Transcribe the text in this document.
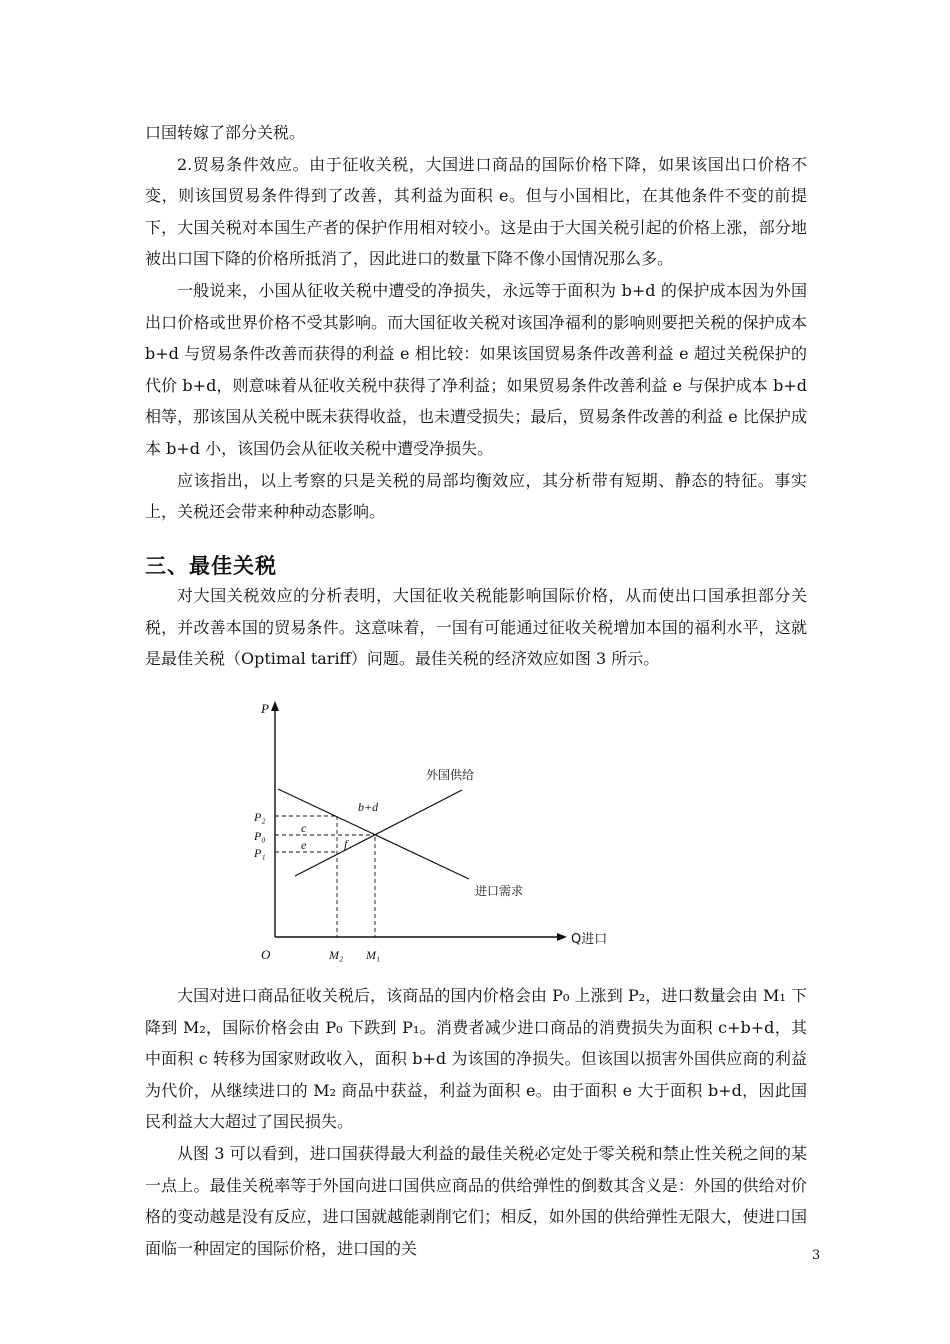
口国转嫁了部分关税。

2.贸易条件效应。由于征收关税，大国进口商品的国际价格下降，如果该国出口价格不变，则该国贸易条件得到了改善，其利益为面积 e。但与小国相比，在其他条件不变的前提下，大国关税对本国生产者的保护作用相对较小。这是由于大国关税引起的价格上涨，部分地被出口国下降的价格所抵消了，因此进口的数量下降不像小国情况那么多。

一般说来，小国从征收关税中遭受的净损失，永远等于面积为 b+d 的保护成本因为外国出口价格或世界价格不受其影响。而大国征收关税对该国净福利的影响则要把关税的保护成本 b+d 与贸易条件改善而获得的利益 e 相比较：如果该国贸易条件改善利益 e 超过关税保护的代价 b+d，则意味着从征收关税中获得了净利益；如果贸易条件改善利益 e 与保护成本 b+d 相等，那该国从关税中既未获得收益，也未遭受损失；最后，贸易条件改善的利益 e 比保护成本 b+d 小，该国仍会从征收关税中遭受净损失。

应该指出，以上考察的只是关税的局部均衡效应，其分析带有短期、静态的特征。事实上，关税还会带来种种动态影响。

三、最佳关税

对大国关税效应的分析表明，大国征收关税能影响国际价格，从而使出口国承担部分关税，并改善本国的贸易条件。这意味着，一国有可能通过征收关税增加本国的福利水平，这就是最佳关税（Optimal tariff）问题。最佳关税的经济效应如图 3 所示。

P
O
Q进口
P₂
P₀
P₁
M₂ M₁
外国供给
进口需求
c
e	f
b+d

大国对进口商品征收关税后，该商品的国内价格会由 P₀ 上涨到 P₂，进口数量会由 M₁ 下降到 M₂，国际价格会由 P₀ 下跌到 P₁。消费者减少进口商品的消费损失为面积 c+b+d，其中面积 c 转移为国家财政收入，面积 b+d 为该国的净损失。但该国以损害外国供应商的利益为代价，从继续进口的 M₂ 商品中获益，利益为面积 e。由于面积 e 大于面积 b+d，因此国民利益大大超过了国民损失。

从图 3 可以看到，进口国获得最大利益的最佳关税必定处于零关税和禁止性关税之间的某一点上。最佳关税率等于外国向进口国供应商品的供给弹性的倒数其含义是：外国的供给对价格的变动越是没有反应，进口国就越能剥削它们；相反，如外国的供给弹性无限大，使进口国面临一种固定的国际价格，进口国的关	3
